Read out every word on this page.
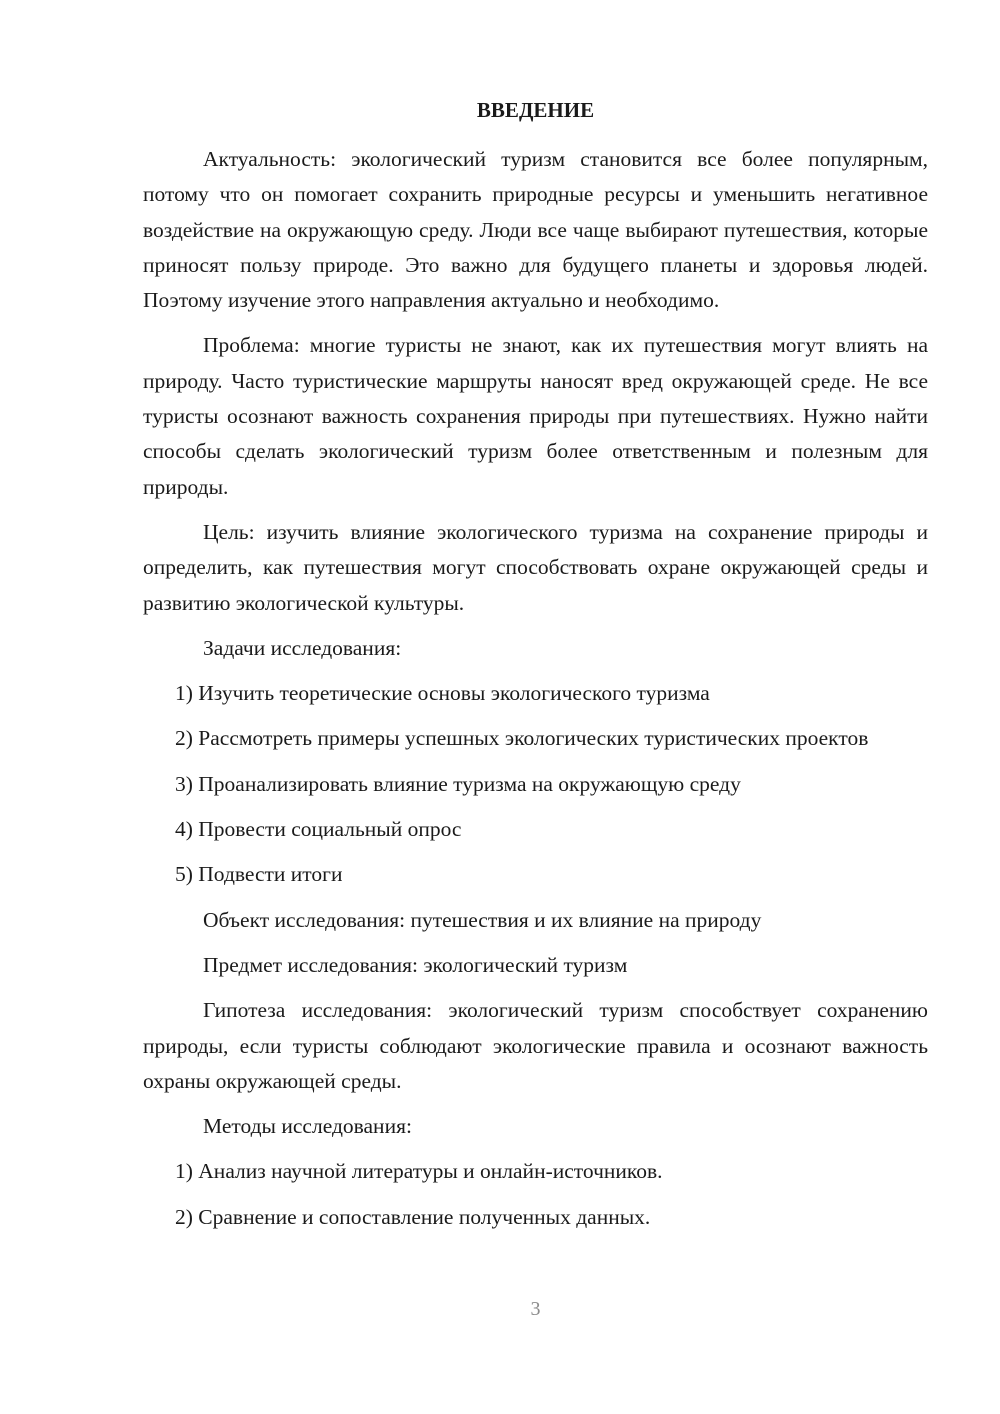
ВВЕДЕНИЕ

Актуальность: экологический туризм становится все более популярным, потому что он помогает сохранить природные ресурсы и уменьшить негативное воздействие на окружающую среду. Люди все чаще выбирают путешествия, которые приносят пользу природе. Это важно для будущего планеты и здоровья людей. Поэтому изучение этого направления актуально и необходимо.

Проблема: многие туристы не знают, как их путешествия могут влиять на природу. Часто туристические маршруты наносят вред окружающей среде. Не все туристы осознают важность сохранения природы при путешествиях. Нужно найти способы сделать экологический туризм более ответственным и полезным для природы.

Цель: изучить влияние экологического туризма на сохранение природы и определить, как путешествия могут способствовать охране окружающей среды и развитию экологической культуры.

Задачи исследования:

1) Изучить теоретические основы экологического туризма

2) Рассмотреть примеры успешных экологических туристических проектов

3) Проанализировать влияние туризма на окружающую среду

4) Провести социальный опрос

5) Подвести итоги

Объект исследования: путешествия и их влияние на природу

Предмет исследования: экологический туризм

Гипотеза исследования: экологический туризм способствует сохранению природы, если туристы соблюдают экологические правила и осознают важность охраны окружающей среды.

Методы исследования:

1) Анализ научной литературы и онлайн-источников.

2) Сравнение и сопоставление полученных данных.

3
